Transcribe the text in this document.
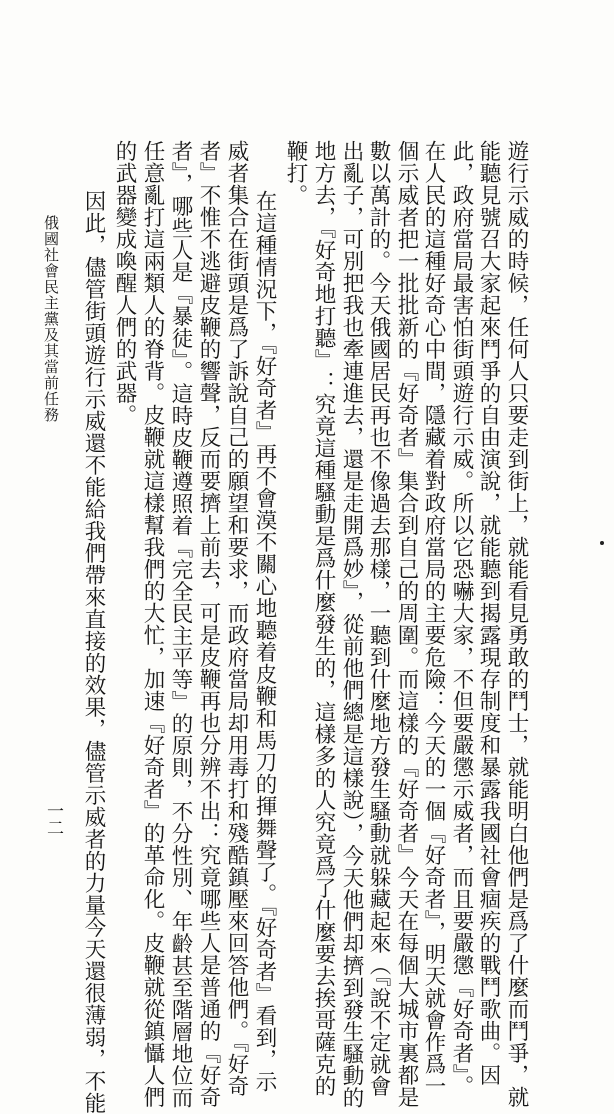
遊行示威的時候，任何人只要走到街上，就能看見勇敢的鬥士，就能明白他們是爲了什麼而鬥爭，就
能聽見號召大家起來鬥爭的自由演說，就能聽到揭露現存制度和暴露我國社會痼疾的戰鬥歌曲。因
此，政府當局最害怕街頭遊行示威。所以它恐嚇大家，不但要嚴懲示威者，而且要嚴懲『好奇者』。
在人民的這種好奇心中間，隱藏着對政府當局的主要危險：今天的一個『好奇者』，明天就會作爲一
個示威者把一批批新的『好奇者』集合到自己的周圍。而這樣的『好奇者』今天在每個大城市裏都是
數以萬計的。今天俄國居民再也不像過去那樣，一聽到什麼地方發生騷動就躲藏起來（『說不定就會
出亂子，可別把我也牽連進去，還是走開爲妙』，從前他們總是這樣說），今天他們却擠到發生騷動的
地方去，『好奇地打聽』：究竟這種騷動是爲什麼發生的，這樣多的人究竟爲了什麼要去挨哥薩克的
鞭打。
在這種情況下，『好奇者』再不會漠不關心地聽着皮鞭和馬刀的揮舞聲了。『好奇者』看到，示
威者集合在街頭是爲了訴說自己的願望和要求，而政府當局却用毒打和殘酷鎮壓來回答他們。『好奇
者』不惟不逃避皮鞭的響聲，反而要擠上前去，可是皮鞭再也分辨不出：究竟哪些人是普通的『好奇
者』，哪些人是『暴徒』。這時皮鞭遵照着『完全民主平等』的原則，不分性別、年齡甚至階層地位而
任意亂打這兩類人的脊背。皮鞭就這樣幫我們的大忙，加速『好奇者』的革命化。皮鞭就從鎮懾人們
的武器變成喚醒人們的武器。
因此，儘管街頭遊行示威還不能給我們帶來直接的效果，儘管示威者的力量今天還很薄弱，不能
俄國社會民主黨及其當前任務
一二
